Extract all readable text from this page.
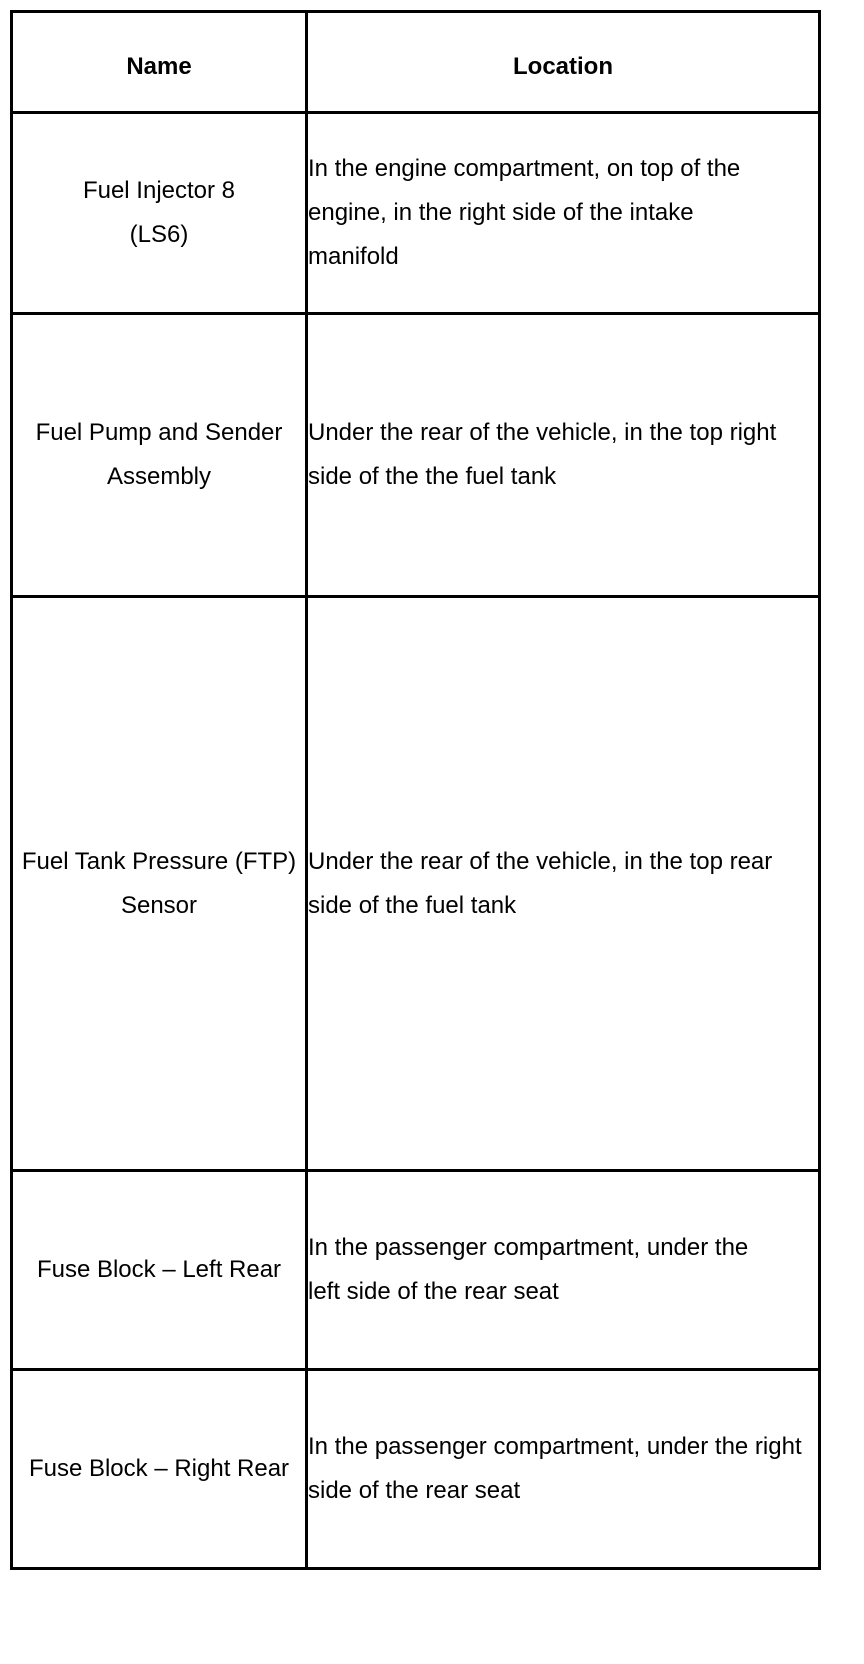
Name	Location

Fuel Injector 8 (LS6)	In the engine compartment, on top of the engine, in the right side of the intake manifold

Fuel Pump and Sender Assembly	Under the rear of the vehicle, in the top right side of the the fuel tank

Fuel Tank Pressure (FTP) Sensor	Under the rear of the vehicle, in the top rear side of the fuel tank

Fuse Block – Left Rear	In the passenger compartment, under the left side of the rear seat

Fuse Block – Right Rear	In the passenger compartment, under the right side of the rear seat
